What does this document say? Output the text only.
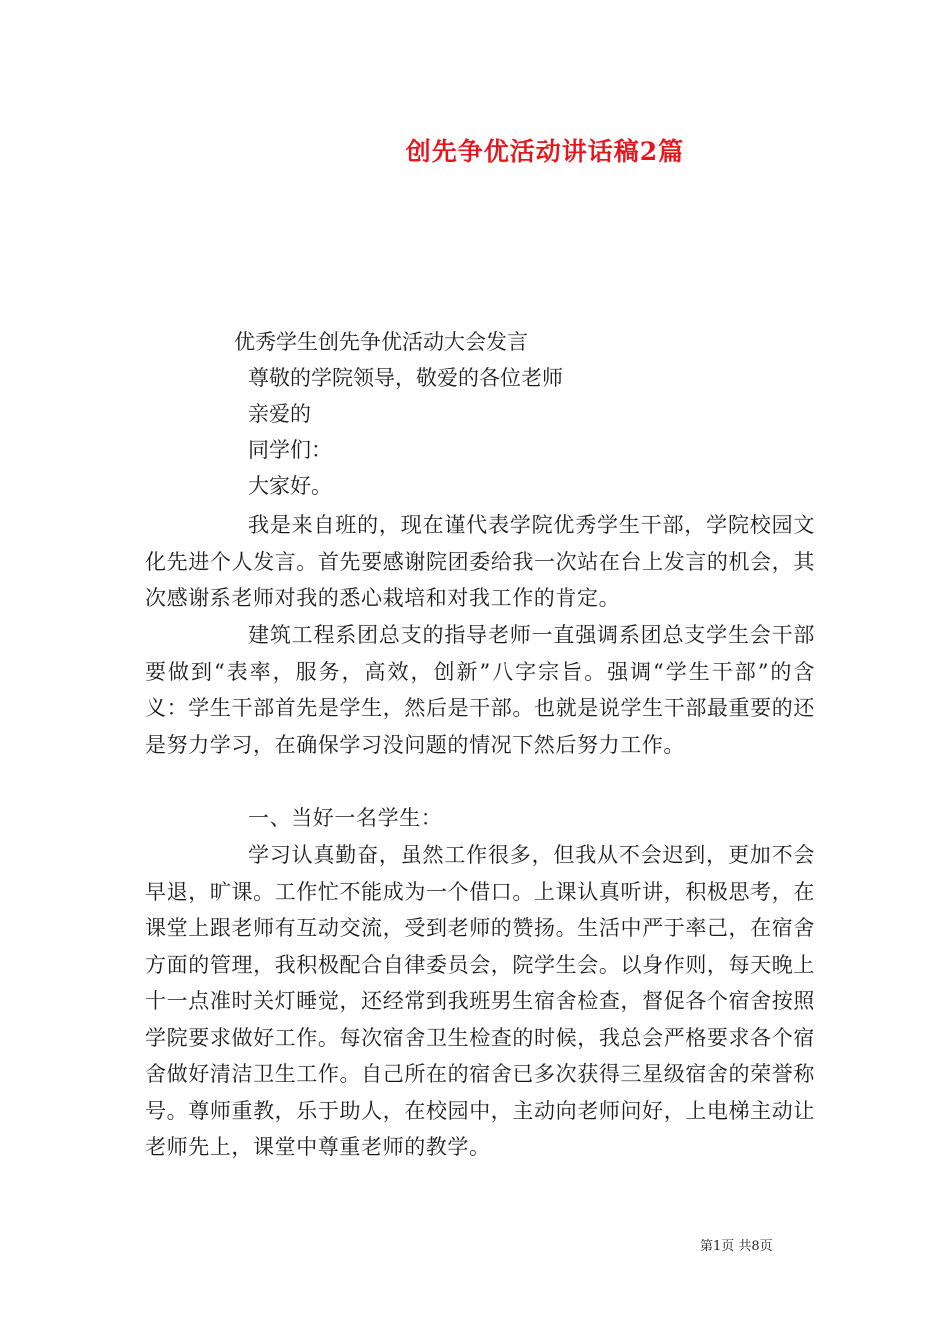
创先争优活动讲话稿2篇
优秀学生创先争优活动大会发言
尊敬的学院领导，敬爱的各位老师
亲爱的
同学们：
大家好。
我是来自班的，现在谨代表学院优秀学生干部，学院校园文化先进个人发言。首先要感谢院团委给我一次站在台上发言的机会，其次感谢系老师对我的悉心栽培和对我工作的肯定。
建筑工程系团总支的指导老师一直强调系团总支学生会干部要做到“表率，服务，高效，创新”八字宗旨。强调“学生干部”的含义：学生干部首先是学生，然后是干部。也就是说学生干部最重要的还是努力学习，在确保学习没问题的情况下然后努力工作。
一、当好一名学生：
学习认真勤奋，虽然工作很多，但我从不会迟到，更加不会早退，旷课。工作忙不能成为一个借口。上课认真听讲，积极思考，在课堂上跟老师有互动交流，受到老师的赞扬。生活中严于率己，在宿舍方面的管理，我积极配合自律委员会，院学生会。以身作则，每天晚上十一点准时关灯睡觉，还经常到我班男生宿舍检查，督促各个宿舍按照学院要求做好工作。每次宿舍卫生检查的时候，我总会严格要求各个宿舍做好清洁卫生工作。自己所在的宿舍已多次获得三星级宿舍的荣誉称号。尊师重教，乐于助人，在校园中，主动向老师问好，上电梯主动让老师先上，课堂中尊重老师的教学。
第1页 共8页
